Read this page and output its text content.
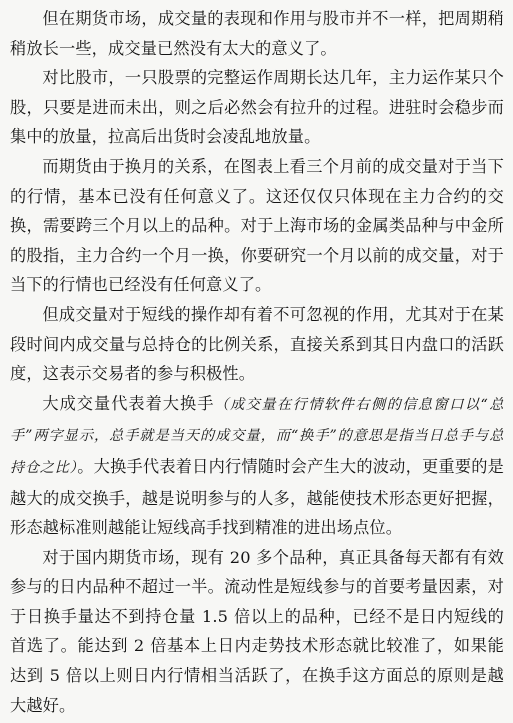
但在期货市场，成交量的表现和作用与股市并不一样，把周期稍稍放长一些，成交量已然没有太大的意义了。

对比股市，一只股票的完整运作周期长达几年，主力运作某只个股，只要是进而未出，则之后必然会有拉升的过程。进驻时会稳步而集中的放量，拉高后出货时会凌乱地放量。

而期货由于换月的关系，在图表上看三个月前的成交量对于当下的行情，基本已没有任何意义了。这还仅仅只体现在主力合约的交换，需要跨三个月以上的品种。对于上海市场的金属类品种与中金所的股指，主力合约一个月一换，你要研究一个月以前的成交量，对于当下的行情也已经没有任何意义了。

但成交量对于短线的操作却有着不可忽视的作用，尤其对于在某段时间内成交量与总持仓的比例关系，直接关系到其日内盘口的活跃度，这表示交易者的参与积极性。

大成交量代表着大换手（成交量在行情软件右侧的信息窗口以“总手”两字显示，总手就是当天的成交量，而“换手”的意思是指当日总手与总持仓之比）。大换手代表着日内行情随时会产生大的波动，更重要的是越大的成交换手，越是说明参与的人多，越能使技术形态更好把握，形态越标准则越能让短线高手找到精准的进出场点位。

对于国内期货市场，现有 20 多个品种，真正具备每天都有有效参与的日内品种不超过一半。流动性是短线参与的首要考量因素，对于日换手量达不到持仓量 1.5 倍以上的品种，已经不是日内短线的首选了。能达到 2 倍基本上日内走势技术形态就比较准了，如果能达到 5 倍以上则日内行情相当活跃了，在换手这方面总的原则是越大越好。
